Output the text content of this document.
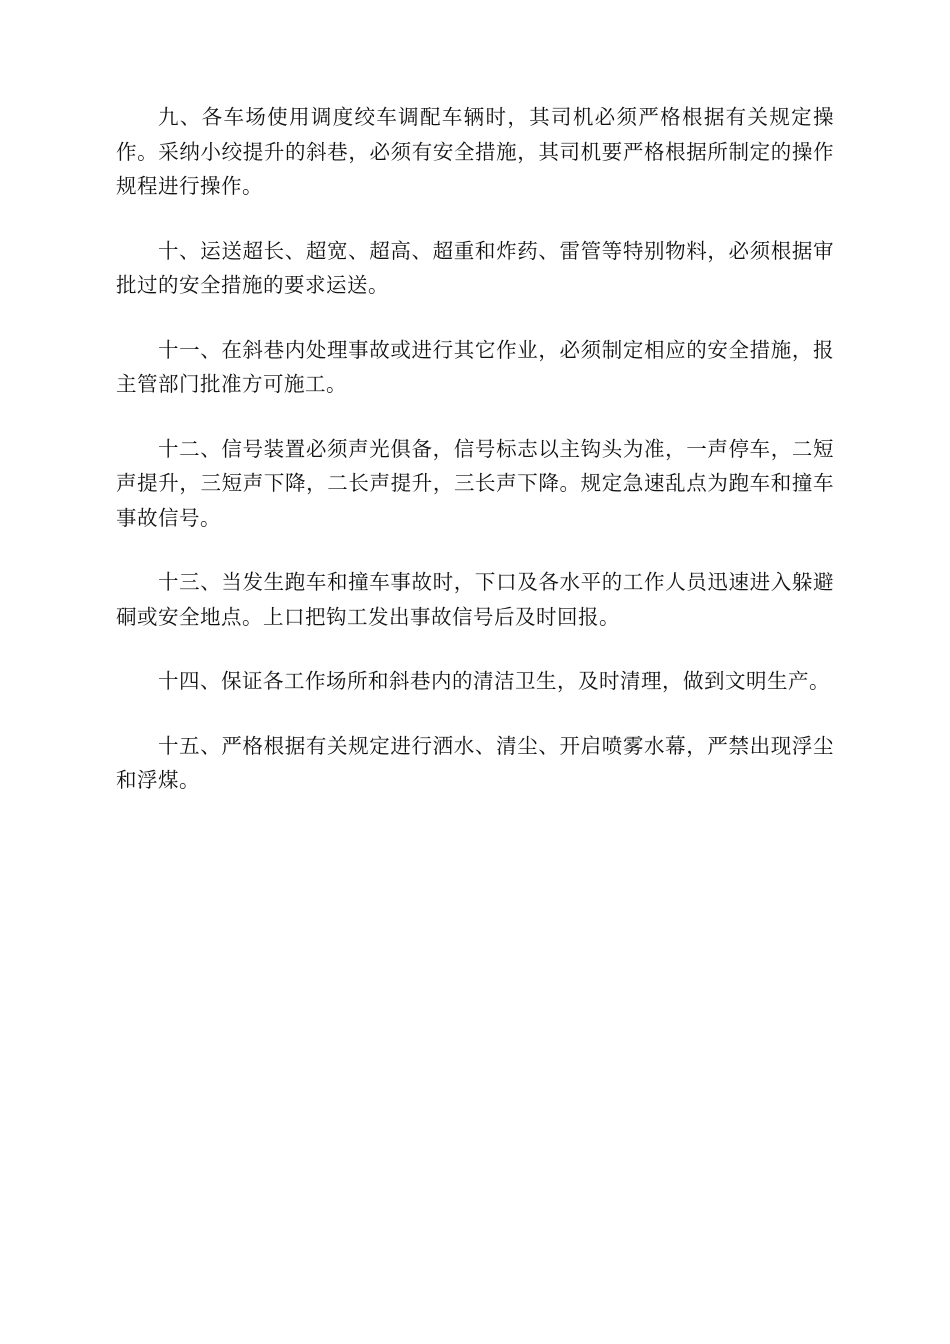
九、各车场使用调度绞车调配车辆时，其司机必须严格根据有关规定操作。采纳小绞提升的斜巷，必须有安全措施，其司机要严格根据所制定的操作规程进行操作。

十、运送超长、超宽、超高、超重和炸药、雷管等特别物料，必须根据审批过的安全措施的要求运送。

十一、在斜巷内处理事故或进行其它作业，必须制定相应的安全措施，报主管部门批准方可施工。

十二、信号装置必须声光俱备，信号标志以主钩头为准，一声停车，二短声提升，三短声下降，二长声提升，三长声下降。规定急速乱点为跑车和撞车事故信号。

十三、当发生跑车和撞车事故时，下口及各水平的工作人员迅速进入躲避硐或安全地点。上口把钩工发出事故信号后及时回报。

十四、保证各工作场所和斜巷内的清洁卫生，及时清理，做到文明生产。

十五、严格根据有关规定进行洒水、清尘、开启喷雾水幕，严禁出现浮尘和浮煤。
